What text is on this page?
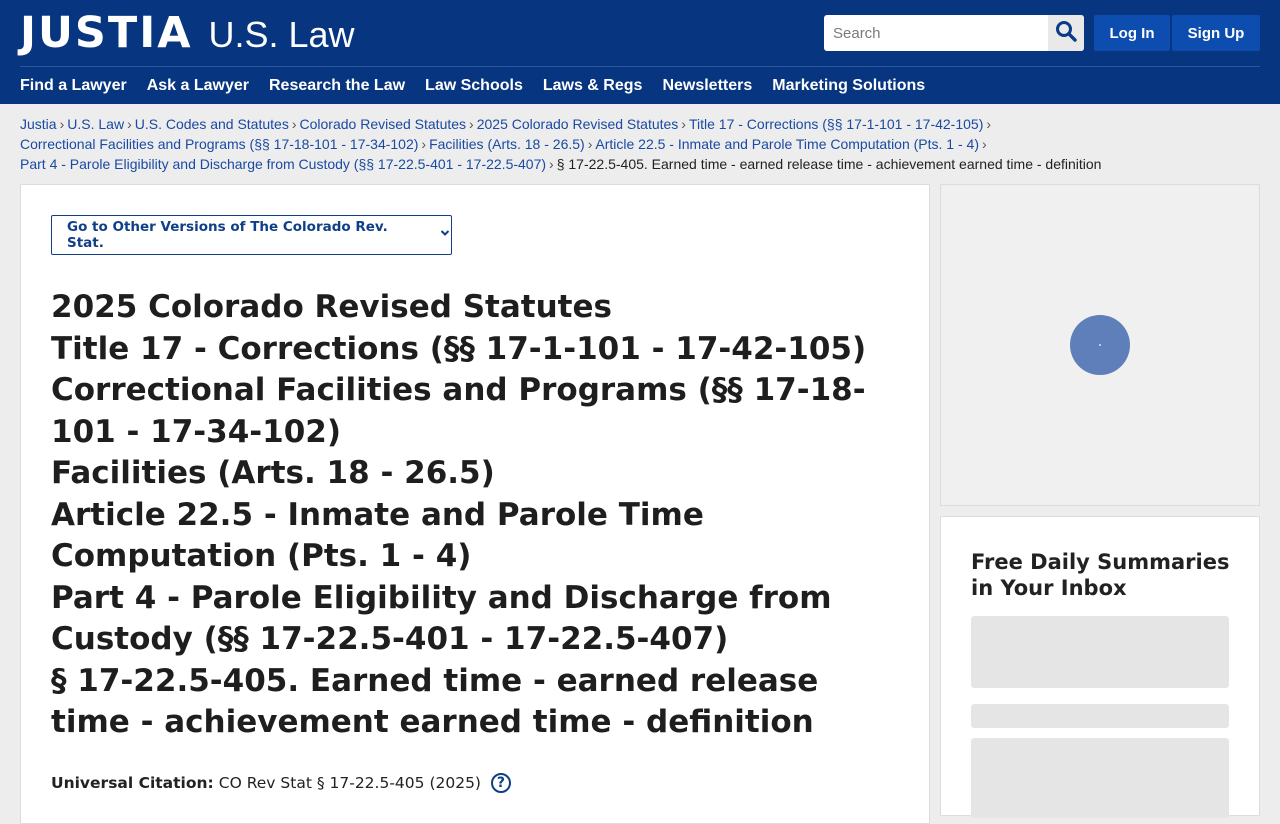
JUSTIA U.S. Law
Search	Log In	Sign Up
Find a Lawyer Ask a Lawyer Research the Law Law Schools Laws & Regs Newsletters Marketing Solutions
Justia › U.S. Law › U.S. Codes and Statutes › Colorado Revised Statutes › 2025 Colorado Revised Statutes › Title 17 - Corrections (§§ 17-1-101 - 17-42-105) ›
Correctional Facilities and Programs (§§ 17-18-101 - 17-34-102) › Facilities (Arts. 18 - 26.5) › Article 22.5 - Inmate and Parole Time Computation (Pts. 1 - 4) ›
Part 4 - Parole Eligibility and Discharge from Custody (§§ 17-22.5-401 - 17-22.5-407) › § 17-22.5-405. Earned time - earned release time - achievement earned time - definition
Go to Other Versions of The Colorado Rev. Stat.
2025 Colorado Revised Statutes
Title 17 - Corrections (§§ 17-1-101 - 17-42-105)
Correctional Facilities and Programs (§§ 17-18-101 - 17-34-102)
Facilities (Arts. 18 - 26.5)
Article 22.5 - Inmate and Parole Time Computation (Pts. 1 - 4)
Part 4 - Parole Eligibility and Discharge from Custody (§§ 17-22.5-401 - 17-22.5-407)
§ 17-22.5-405. Earned time - earned release time - achievement earned time - definition
Universal Citation: CO Rev Stat § 17-22.5-405 (2025)	?
Free Daily Summaries in Your Inbox
